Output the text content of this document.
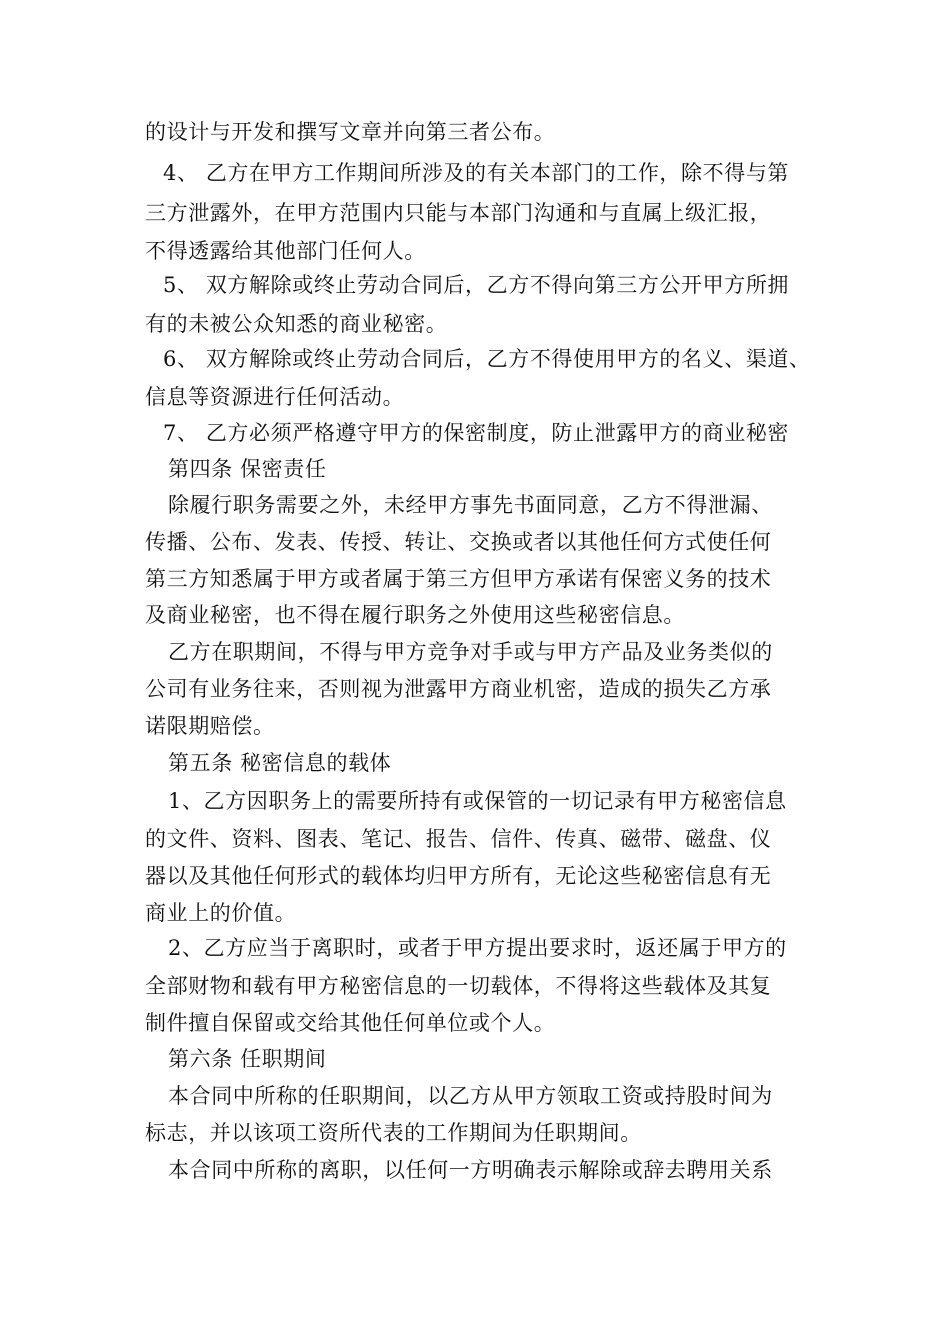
的设计与开发和撰写文章并向第三者公布。
4、 乙方在甲方工作期间所涉及的有关本部门的工作，除不得与第
三方泄露外，在甲方范围内只能与本部门沟通和与直属上级汇报，
不得透露给其他部门任何人。
5、 双方解除或终止劳动合同后，乙方不得向第三方公开甲方所拥
有的未被公众知悉的商业秘密。
6、 双方解除或终止劳动合同后，乙方不得使用甲方的名义、渠道、
信息等资源进行任何活动。
7、 乙方必须严格遵守甲方的保密制度，防止泄露甲方的商业秘密
第四条 保密责任
除履行职务需要之外，未经甲方事先书面同意，乙方不得泄漏、
传播、公布、发表、传授、转让、交换或者以其他任何方式使任何
第三方知悉属于甲方或者属于第三方但甲方承诺有保密义务的技术
及商业秘密，也不得在履行职务之外使用这些秘密信息。
乙方在职期间，不得与甲方竞争对手或与甲方产品及业务类似的
公司有业务往来，否则视为泄露甲方商业机密，造成的损失乙方承
诺限期赔偿。
第五条 秘密信息的载体
1、乙方因职务上的需要所持有或保管的一切记录有甲方秘密信息
的文件、资料、图表、笔记、报告、信件、传真、磁带、磁盘、仪
器以及其他任何形式的载体均归甲方所有，无论这些秘密信息有无
商业上的价值。
2、乙方应当于离职时，或者于甲方提出要求时，返还属于甲方的
全部财物和载有甲方秘密信息的一切载体，不得将这些载体及其复
制件擅自保留或交给其他任何单位或个人。
第六条 任职期间
本合同中所称的任职期间，以乙方从甲方领取工资或持股时间为
标志，并以该项工资所代表的工作期间为任职期间。
本合同中所称的离职，以任何一方明确表示解除或辞去聘用关系
